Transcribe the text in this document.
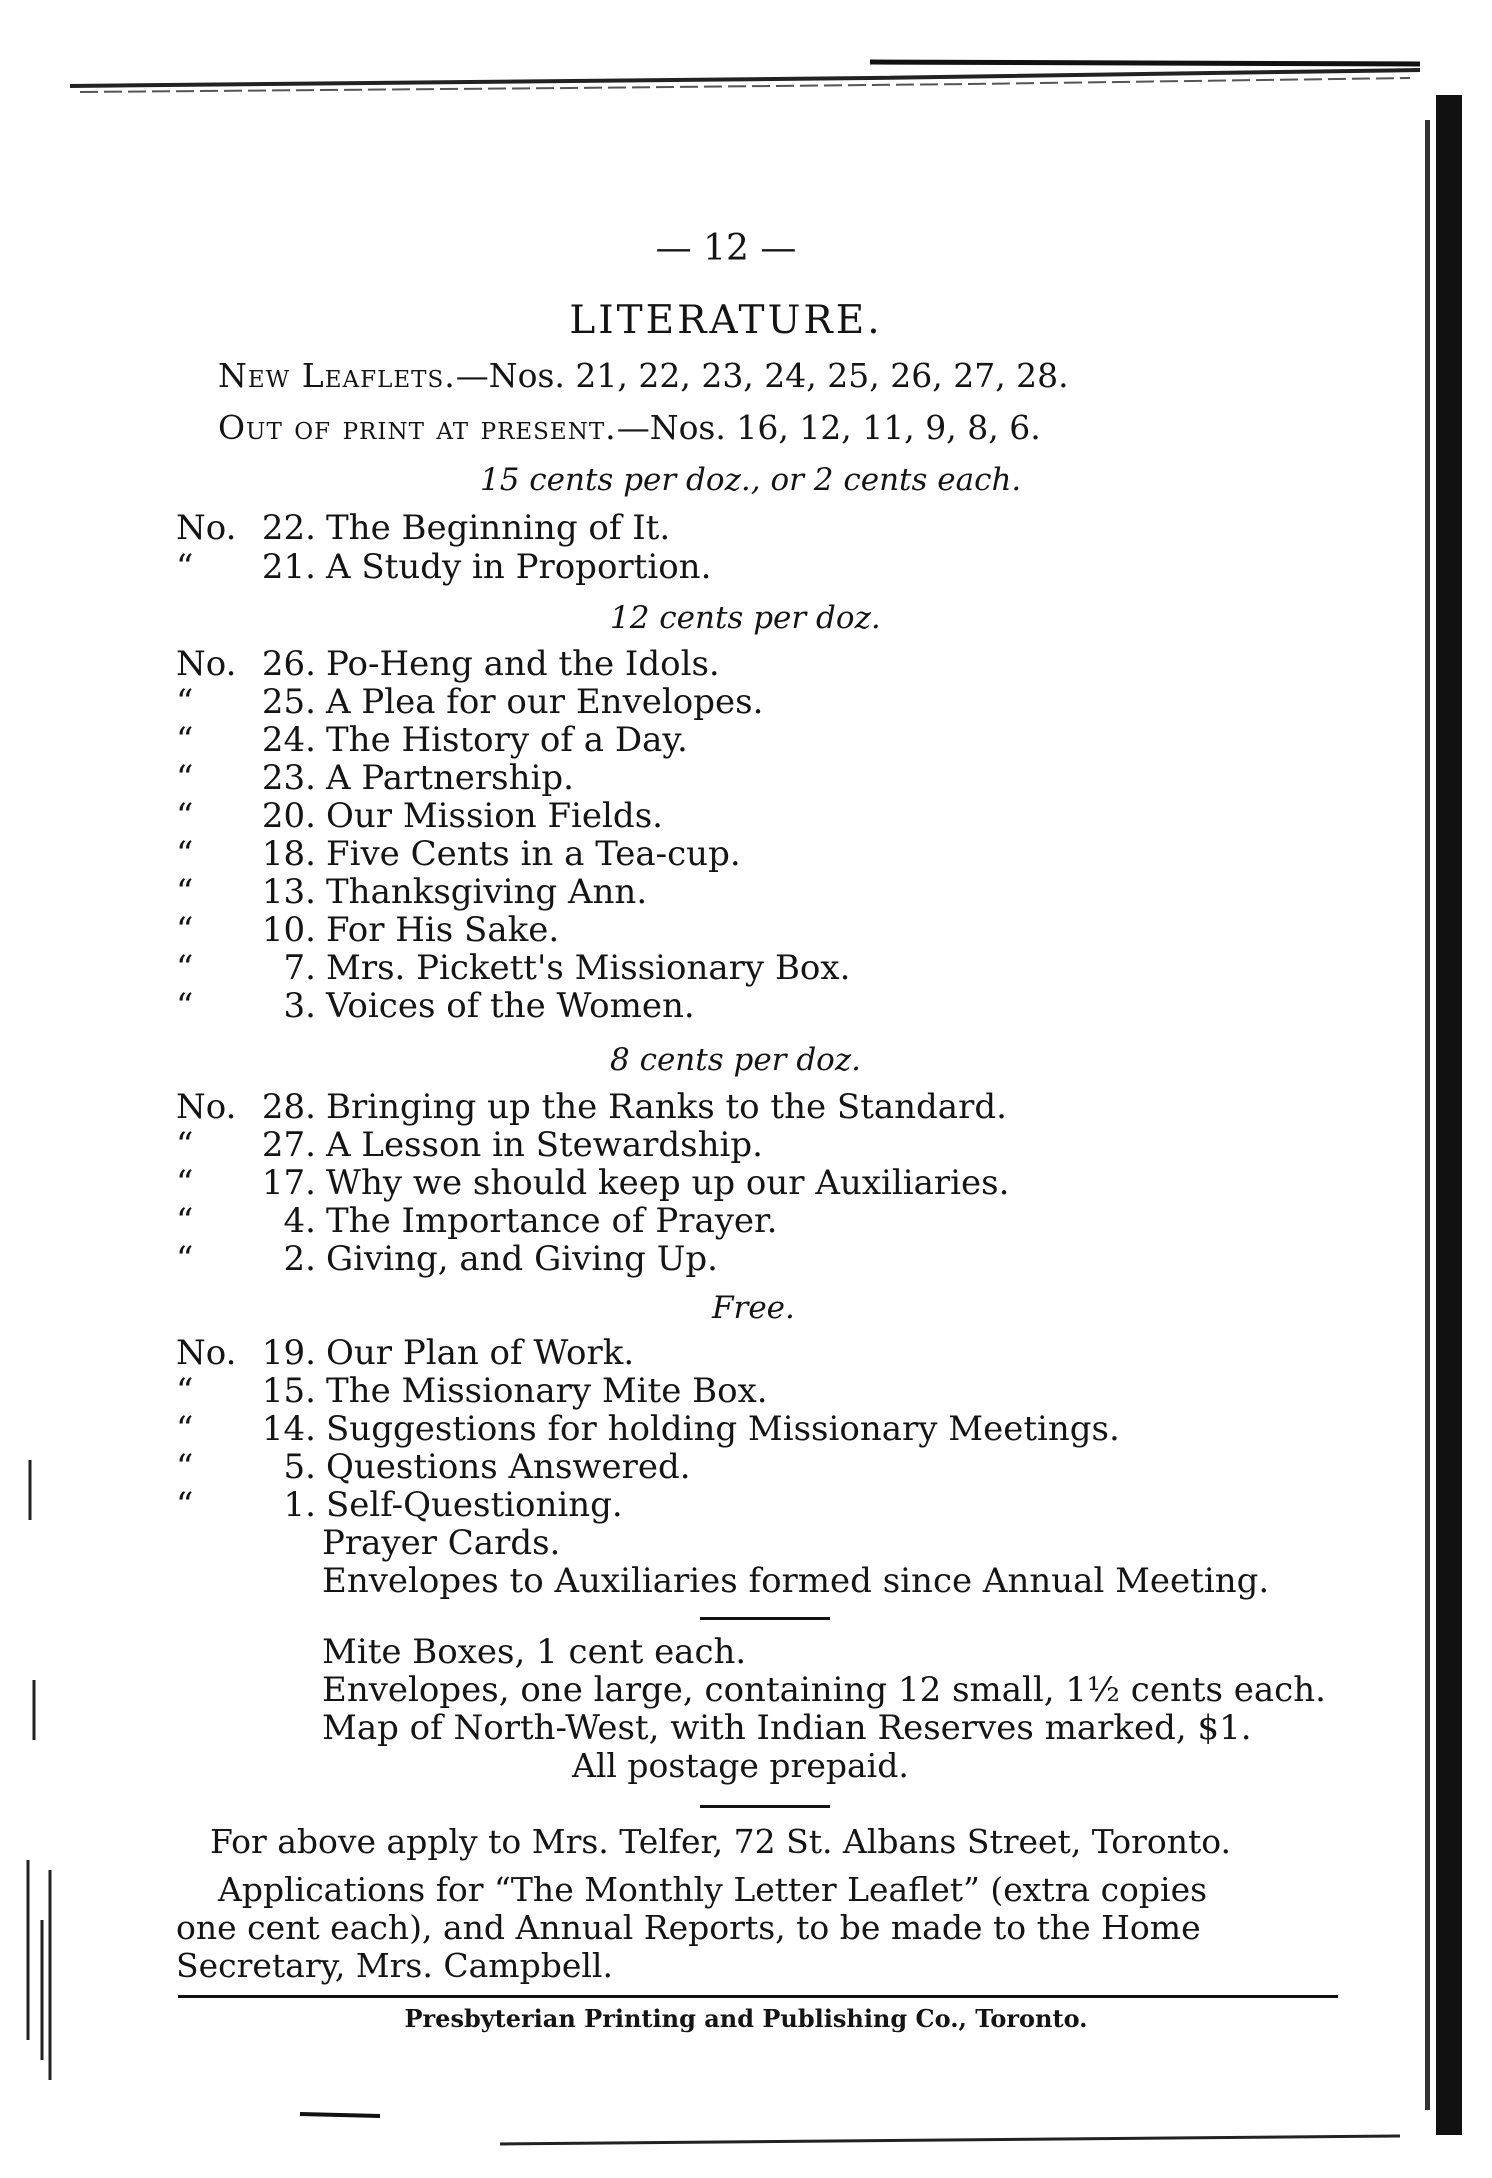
— 12 —
LITERATURE.
New Leaflets.—Nos. 21, 22, 23, 24, 25, 26, 27, 28.
Out of print at present.—Nos. 16, 12, 11, 9, 8, 6.
15 cents per doz., or 2 cents each.
No. 22. The Beginning of It.
“ 21. A Study in Proportion.
12 cents per doz.
No. 26. Po-Heng and the Idols.
“ 25. A Plea for our Envelopes.
“ 24. The History of a Day.
“ 23. A Partnership.
“ 20. Our Mission Fields.
“ 18. Five Cents in a Tea-cup.
“ 13. Thanksgiving Ann.
“ 10. For His Sake.
“	7. Mrs. Pickett's Missionary Box.
“	3. Voices of the Women.
8 cents per doz.
No. 28. Bringing up the Ranks to the Standard.
“ 27. A Lesson in Stewardship.
“ 17. Why we should keep up our Auxiliaries.
“	4. The Importance of Prayer.
“	2. Giving, and Giving Up.
Free.
No. 19. Our Plan of Work.
“ 15. The Missionary Mite Box.
“ 14. Suggestions for holding Missionary Meetings.
“	5. Questions Answered.
“	1. Self-Questioning.
Prayer Cards.
Envelopes to Auxiliaries formed since Annual Meeting.
Mite Boxes, 1 cent each.
Envelopes, one large, containing 12 small, 1½ cents each.
Map of North-West, with Indian Reserves marked, $1.
All postage prepaid.
For above apply to Mrs. Telfer, 72 St. Albans Street, Toronto.
Applications for “The Monthly Letter Leaflet” (extra copies
one cent each), and Annual Reports, to be made to the Home
Secretary, Mrs. Campbell.
Presbyterian Printing and Publishing Co., Toronto.
